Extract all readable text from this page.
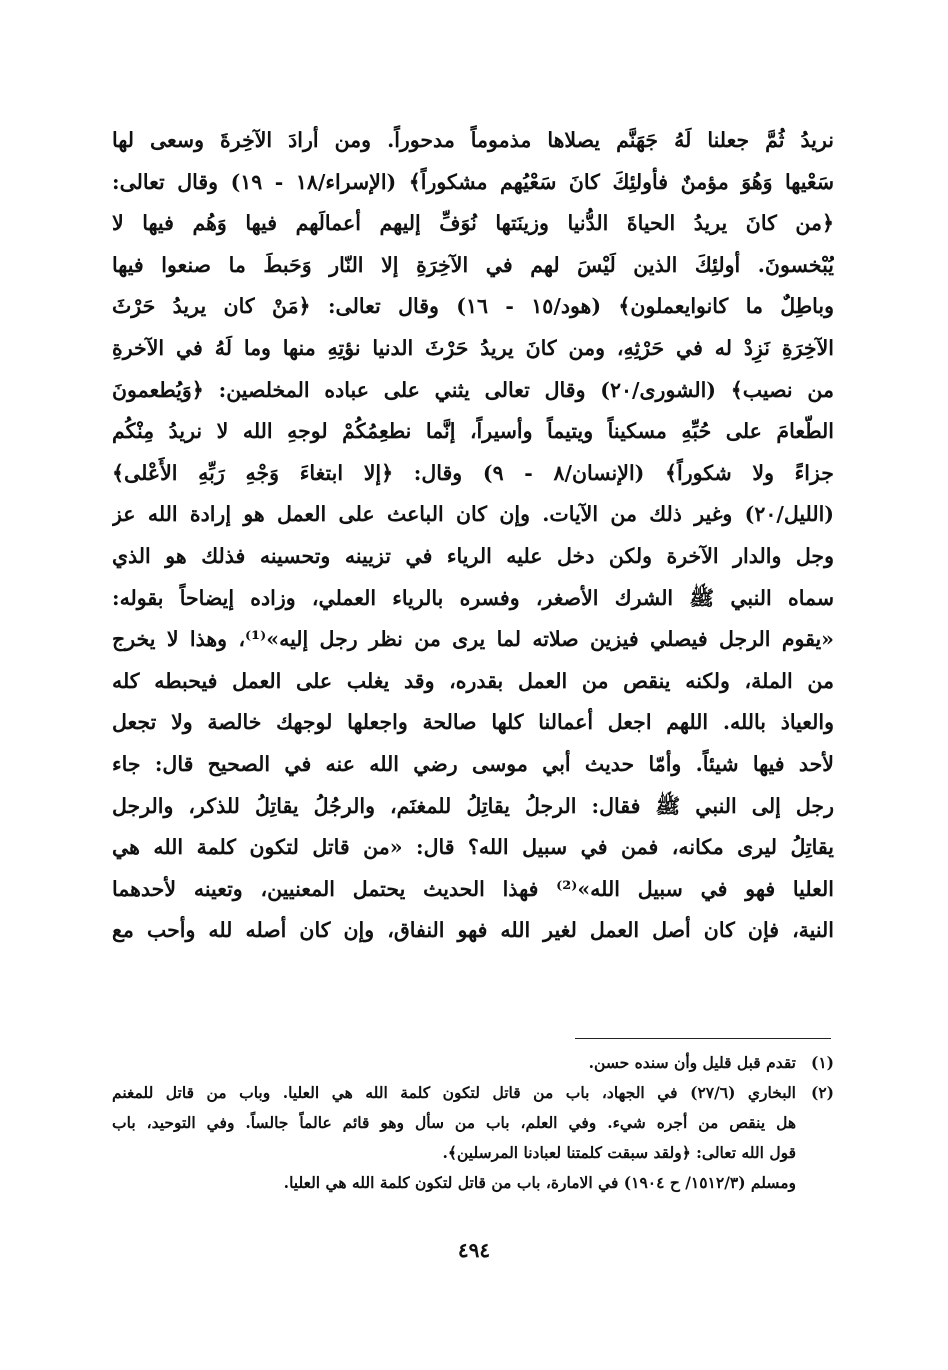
نريدُ ثُمَّ جعلنا لَهُ جَهَنَّم يصلاها مذموماً مدحوراً. ومن أرادَ الآخِرةَ وسعى لها
سَعْيها وَهُوَ مؤمنٌ فأولئِكَ كانَ سَعْيُهم مشكوراً﴾ (الإسراء/١٨ - ١٩) وقال تعالى:
﴿من كانَ يريدُ الحياةَ الدُّنيا وزينَتها نُوَفِّ إليهم أعمالَهم فيها وَهُم فيها لا
يُبْخسونَ. أولئِكَ الذين لَيْسَ لهم في الآخِرَةِ إلا النّار وَحَبطَ ما صنعوا فيها
وباطِلٌ ما كانوايعملون﴾ (هود/١٥ - ١٦) وقال تعالى: ﴿مَنْ كان يريدُ حَرْثَ
الآخِرَةِ نَزِدْ له في حَرْثِهِ، ومن كانَ يريدُ حَرْثَ الدنيا نؤتِهِ منها وما لَهُ في الآخرةِ
من نصيب﴾ (الشورى/٢٠) وقال تعالى يثني على عباده المخلصين: ﴿وَيُطعمونَ
الطّعامَ على حُبِّهِ مسكيناً ويتيماً وأسيراً، إنَّما نطعِمُكُمْ لوجهِ الله لا نريدُ مِنْكُم
جزاءً ولا شكوراً﴾ (الإنسان/٨ - ٩) وقال: ﴿إلا ابتغاءَ وَجْهِ رَبِّهِ الأَعْلى﴾
(الليل/٢٠) وغير ذلك من الآيات. وإن كان الباعث على العمل هو إرادة الله عز
وجل والدار الآخرة ولكن دخل عليه الرياء في تزيينه وتحسينه فذلك هو الذي
سماه النبي ﷺ الشرك الأصغر، وفسره بالرياء العملي، وزاده إيضاحاً بقوله:
«يقوم الرجل فيصلي فيزين صلاته لما يرى من نظر رجل إليه»⁽¹⁾، وهذا لا يخرج
من الملة، ولكنه ينقص من العمل بقدره، وقد يغلب على العمل فيحبطه كله
والعياذ بالله. اللهم اجعل أعمالنا كلها صالحة واجعلها لوجهك خالصة ولا تجعل
لأحد فيها شيئاً. وأمّا حديث أبي موسى رضي الله عنه في الصحيح قال: جاء
رجل إلى النبي ﷺ فقال: الرجلُ يقاتِلُ للمغنَم، والرجُلُ يقاتِلُ للذكر، والرجل
يقاتِلُ ليرى مكانه، فمن في سبيل الله؟ قال: «من قاتل لتكون كلمة الله هي
العليا فهو في سبيل الله»⁽²⁾ فهذا الحديث يحتمل المعنيين، وتعينه لأحدهما
النية، فإن كان أصل العمل لغير الله فهو النفاق، وإن كان أصله لله وأحب مع
(١)تقدم قبل قليل وأن سنده حسن.
(٢)البخاري (٢٧/٦) في الجهاد، باب من قاتل لتكون كلمة الله هي العليا. وباب من قاتل للمغنم
هل ينقص من أجره شيء. وفي العلم، باب من سأل وهو قائم عالماً جالساً. وفي التوحيد، باب
قول الله تعالى: ﴿ولقد سبقت كلمتنا لعبادنا المرسلين﴾.
ومسلم (١٥١٢/٣/ ح ١٩٠٤) في الامارة، باب من قاتل لتكون كلمة الله هي العليا.
٤٩٤
